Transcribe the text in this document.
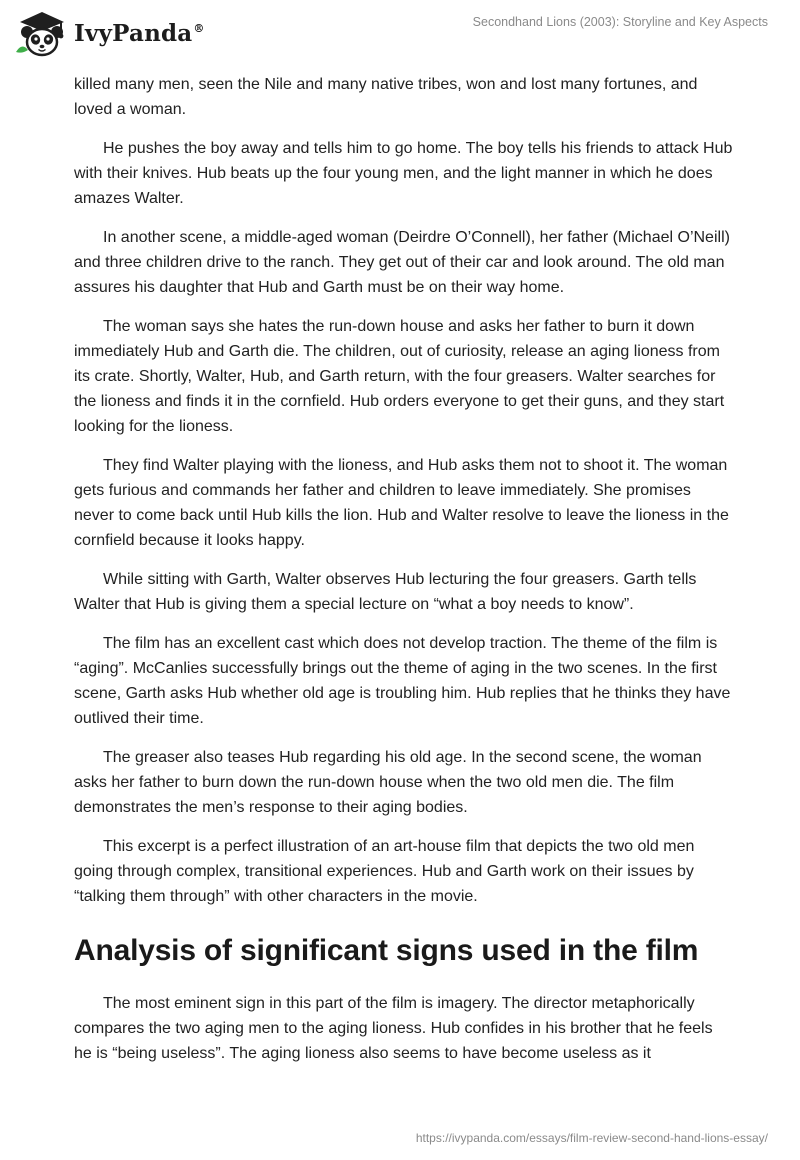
IvyPanda®	Secondhand Lions (2003): Storyline and Key Aspects

killed many men, seen the Nile and many native tribes, won and lost many fortunes, and loved a woman.

He pushes the boy away and tells him to go home. The boy tells his friends to attack Hub with their knives. Hub beats up the four young men, and the light manner in which he does amazes Walter.

In another scene, a middle-aged woman (Deirdre O’Connell), her father (Michael O’Neill) and three children drive to the ranch. They get out of their car and look around. The old man assures his daughter that Hub and Garth must be on their way home.

The woman says she hates the run-down house and asks her father to burn it down immediately Hub and Garth die. The children, out of curiosity, release an aging lioness from its crate. Shortly, Walter, Hub, and Garth return, with the four greasers. Walter searches for the lioness and finds it in the cornfield. Hub orders everyone to get their guns, and they start looking for the lioness.

They find Walter playing with the lioness, and Hub asks them not to shoot it. The woman gets furious and commands her father and children to leave immediately. She promises never to come back until Hub kills the lion. Hub and Walter resolve to leave the lioness in the cornfield because it looks happy.

While sitting with Garth, Walter observes Hub lecturing the four greasers. Garth tells Walter that Hub is giving them a special lecture on “what a boy needs to know”.

The film has an excellent cast which does not develop traction. The theme of the film is “aging”. McCanlies successfully brings out the theme of aging in the two scenes. In the first scene, Garth asks Hub whether old age is troubling him. Hub replies that he thinks they have outlived their time.

The greaser also teases Hub regarding his old age. In the second scene, the woman asks her father to burn down the run-down house when the two old men die. The film demonstrates the men’s response to their aging bodies.

This excerpt is a perfect illustration of an art-house film that depicts the two old men going through complex, transitional experiences. Hub and Garth work on their issues by “talking them through” with other characters in the movie.

Analysis of significant signs used in the film

The most eminent sign in this part of the film is imagery. The director metaphorically compares the two aging men to the aging lioness. Hub confides in his brother that he feels he is “being useless”. The aging lioness also seems to have become useless as it

https://ivypanda.com/essays/film-review-second-hand-lions-essay/
